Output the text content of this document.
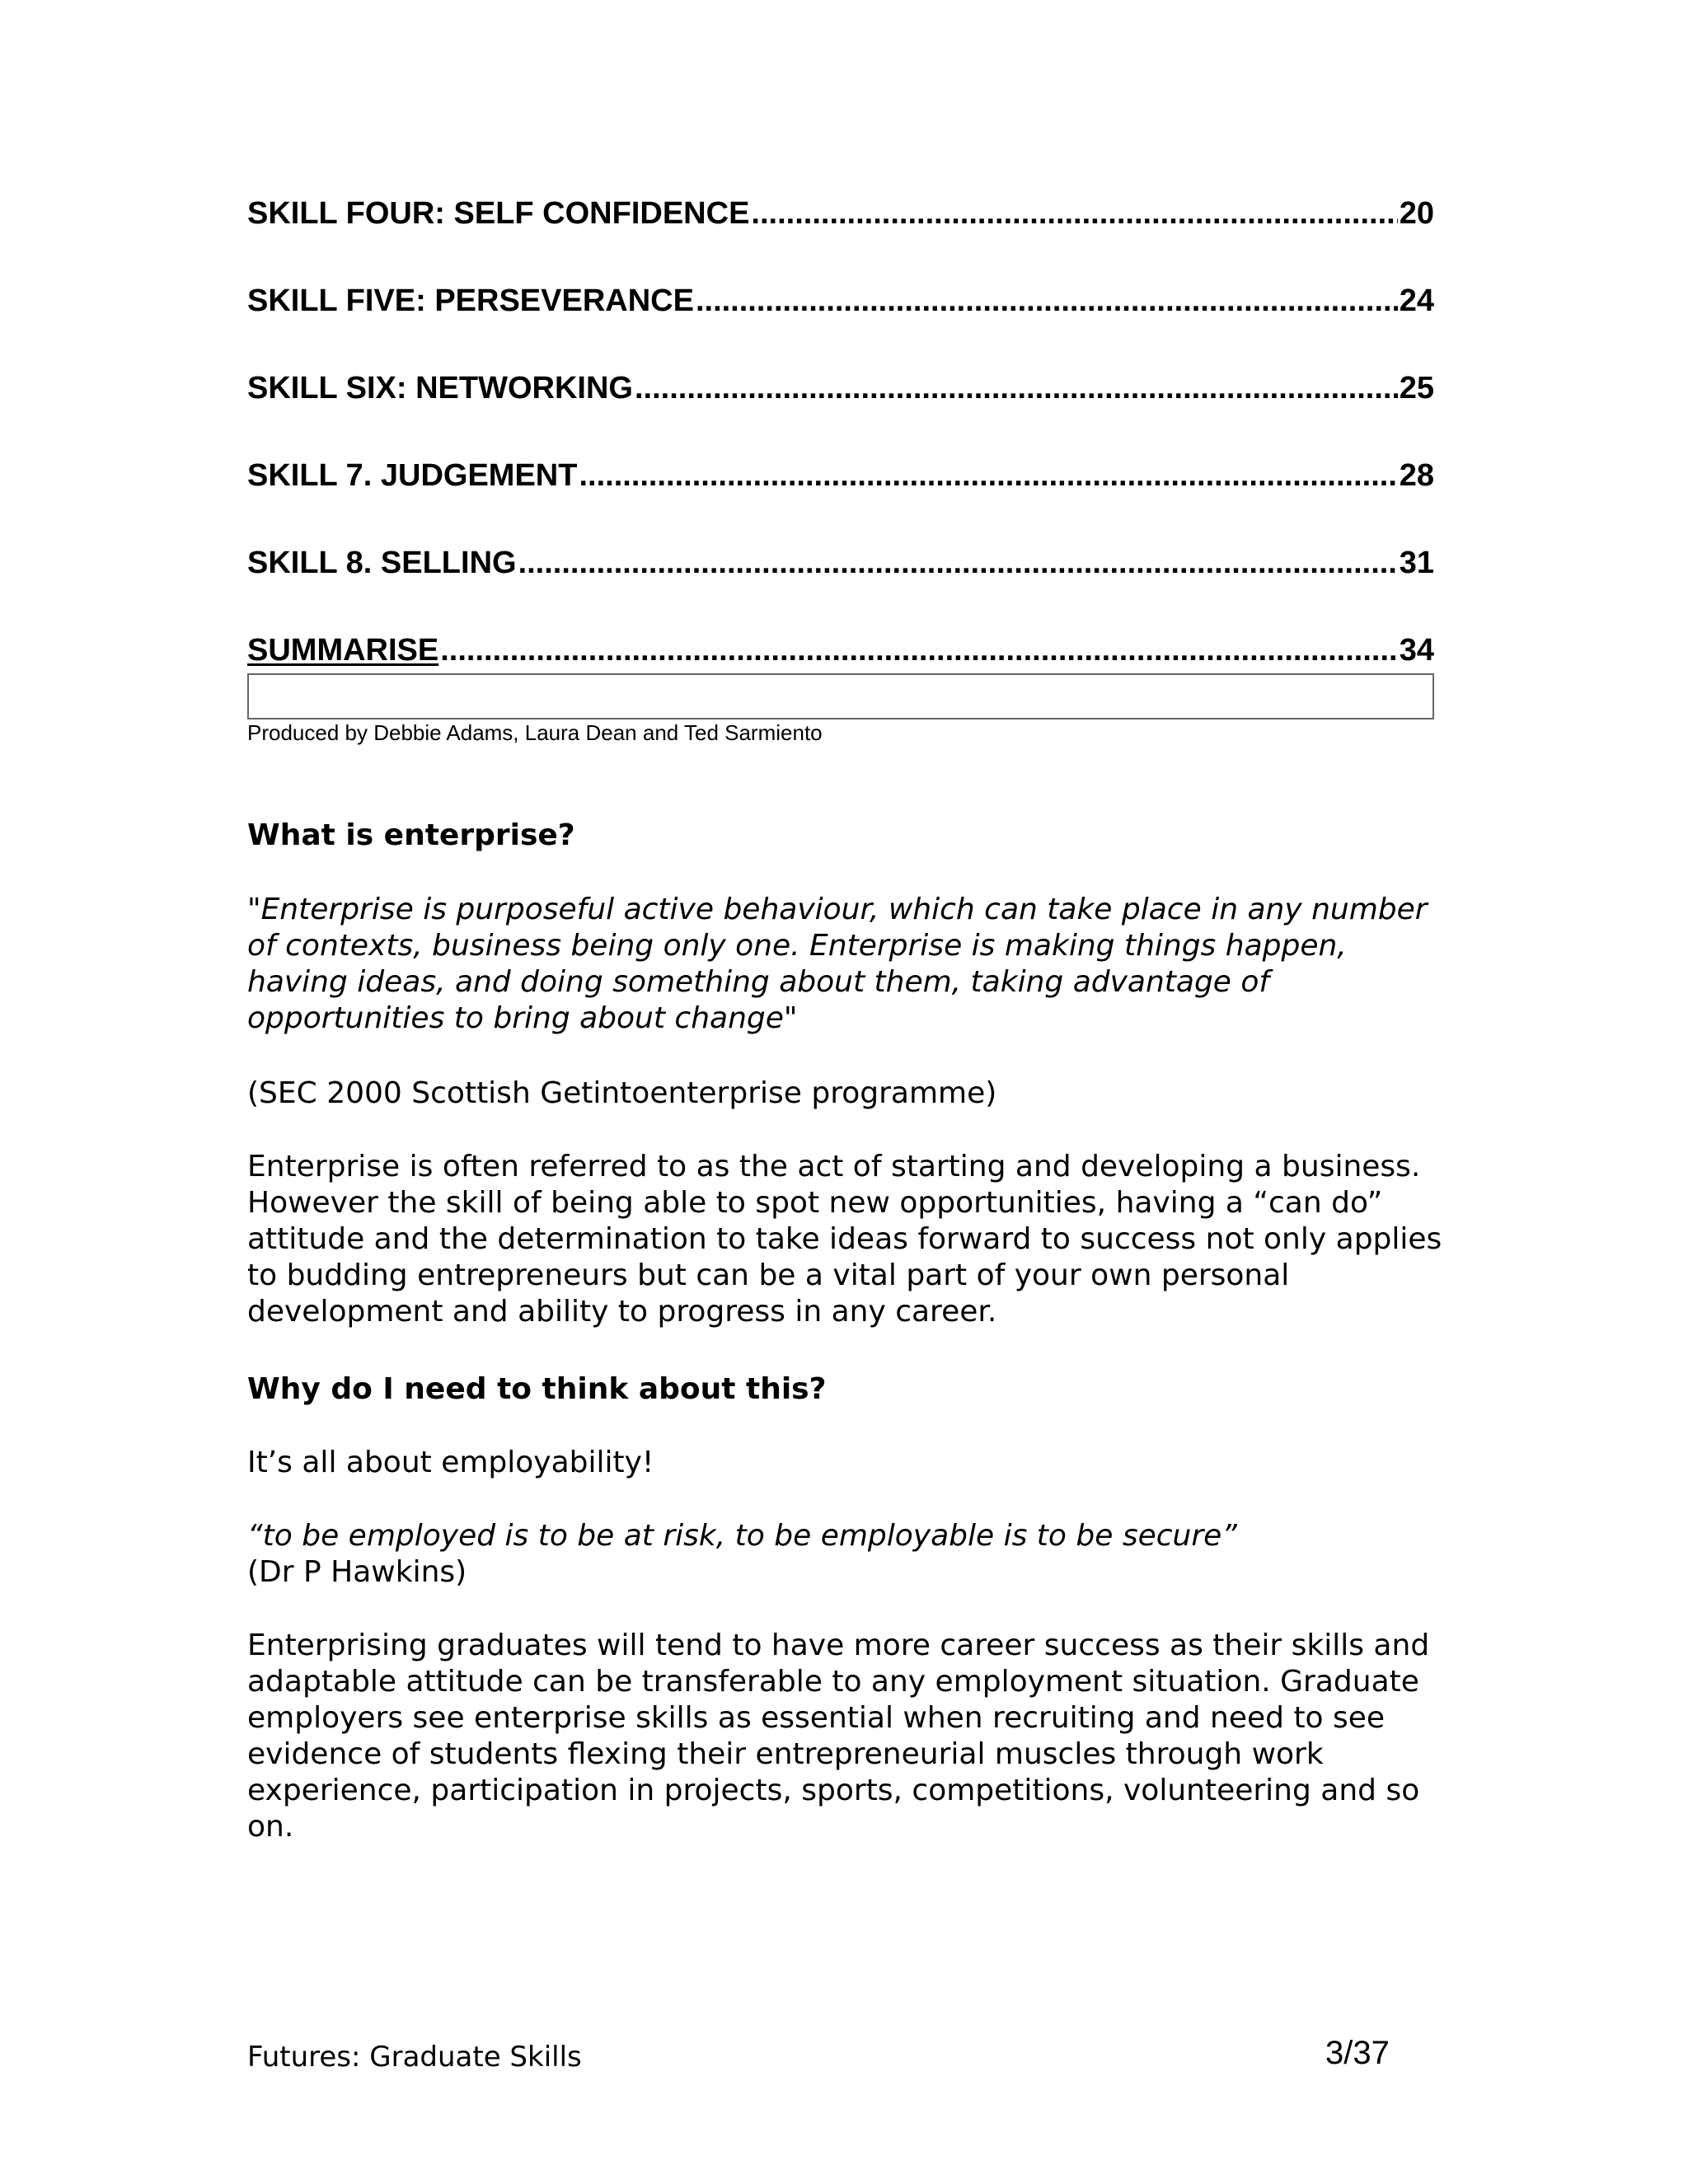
SKILL FOUR: SELF CONFIDENCE .....	20
SKILL FIVE: PERSEVERANCE .....	24
SKILL SIX: NETWORKING .....	25
SKILL 7. JUDGEMENT .....	28
SKILL 8. SELLING .....	31
SUMMARISE .....	34
Produced by Debbie Adams, Laura Dean and Ted Sarmiento
What is enterprise?
"Enterprise is purposeful active behaviour, which can take place in any number of contexts, business being only one. Enterprise is making things happen, having ideas, and doing something about them, taking advantage of opportunities to bring about change"
(SEC 2000 Scottish Getintoenterprise programme)
Enterprise is often referred to as the act of starting and developing a business. However the skill of being able to spot new opportunities, having a “can do” attitude and the determination to take ideas forward to success not only applies to budding entrepreneurs but can be a vital part of your own personal development and ability to progress in any career.
Why do I need to think about this?
It’s all about employability!
“to be employed is to be at risk, to be employable is to be secure”
(Dr P Hawkins)
Enterprising graduates will tend to have more career success as their skills and adaptable attitude can be transferable to any employment situation. Graduate employers see enterprise skills as essential when recruiting and need to see evidence of students flexing their entrepreneurial muscles through work experience, participation in projects, sports, competitions, volunteering and so on.
Futures: Graduate Skills	3/37
